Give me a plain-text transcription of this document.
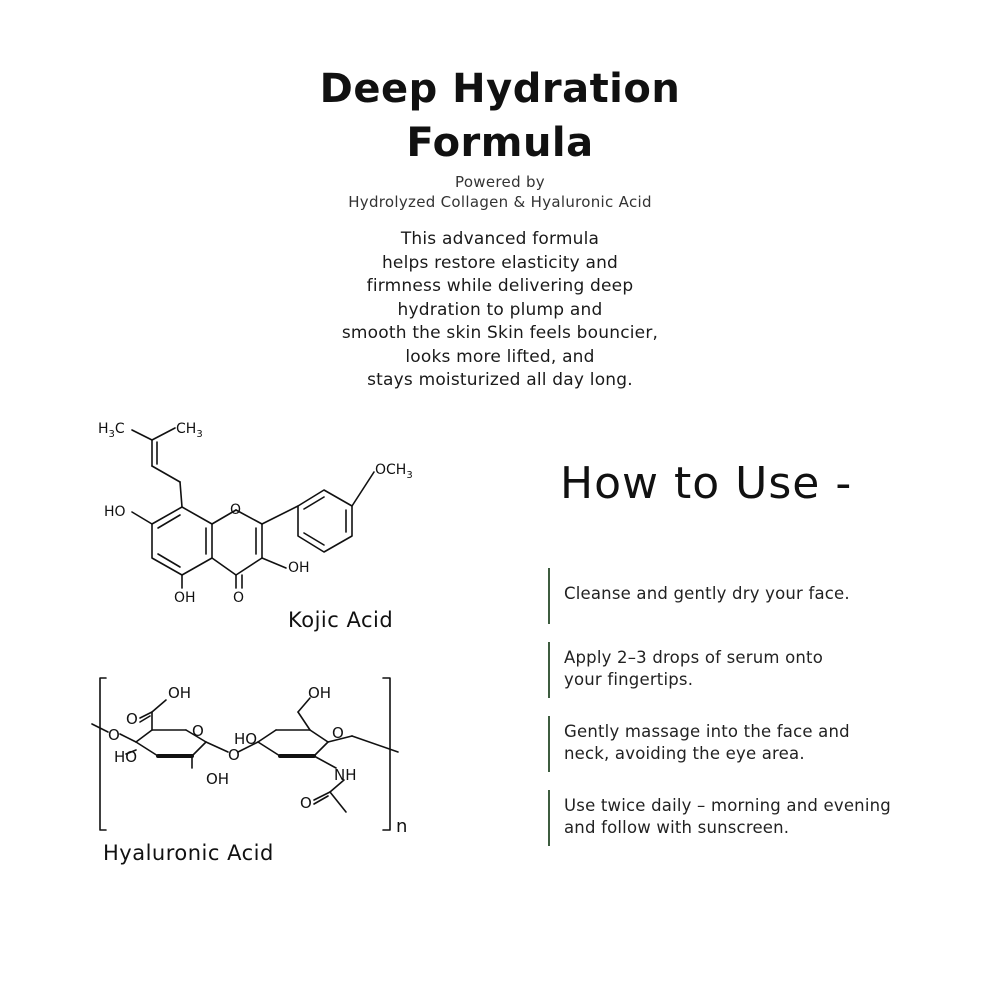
Deep Hydration
Formula
Powered by
Hydrolyzed Collagen & Hyaluronic Acid
This advanced formula
helps restore elasticity and
firmness while delivering deep
hydration to plump and
smooth the skin Skin feels bouncier,
looks more lifted, and
stays moisturized all day long.
How to Use -
Cleanse and gently dry your face.
Apply 2–3 drops of serum onto
your fingertips.
Gently massage into the face and
neck, avoiding the eye area.
Use twice daily – morning and evening
and follow with sunscreen.
$H_3C$	$CH_3$
$OCH_3$
HO	O
OH
OH	O
Kojic Acid
OH
O
O
HO
OH
O HO
O
OH
O
NH
O
n
Hyaluronic Acid
